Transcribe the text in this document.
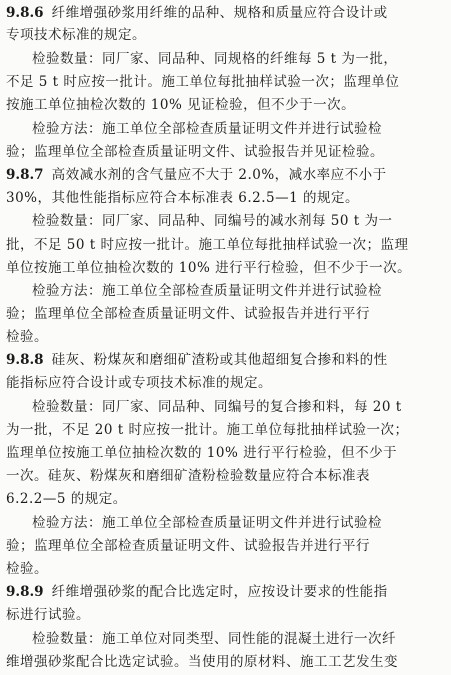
9.8.6 纤维增强砂浆用纤维的品种、规格和质量应符合设计或
专项技术标准的规定。
检验数量：同厂家、同品种、同规格的纤维每 5 t 为一批，
不足 5 t 时应按一批计。施工单位每批抽样试验一次；监理单位
按施工单位抽检次数的 10% 见证检验，但不少于一次。
检验方法：施工单位全部检查质量证明文件并进行试验检
验；监理单位全部检查质量证明文件、试验报告并见证检验。
9.8.7 高效减水剂的含气量应不大于 2.0%，减水率应不小于
30%，其他性能指标应符合本标准表 6.2.5—1 的规定。
检验数量：同厂家、同品种、同编号的减水剂每 50 t 为一
批，不足 50 t 时应按一批计。施工单位每批抽样试验一次；监理
单位按施工单位抽检次数的 10% 进行平行检验，但不少于一次。
检验方法：施工单位全部检查质量证明文件并进行试验检
验；监理单位全部检查质量证明文件、试验报告并进行平行
检验。
9.8.8 硅灰、粉煤灰和磨细矿渣粉或其他超细复合掺和料的性
能指标应符合设计或专项技术标准的规定。
检验数量：同厂家、同品种、同编号的复合掺和料，每 20 t
为一批，不足 20 t 时应按一批计。施工单位每批抽样试验一次；
监理单位按施工单位抽检次数的 10% 进行平行检验，但不少于
一次。硅灰、粉煤灰和磨细矿渣粉检验数量应符合本标准表
6.2.2—5 的规定。
检验方法：施工单位全部检查质量证明文件并进行试验检
验；监理单位全部检查质量证明文件、试验报告并进行平行
检验。
9.8.9 纤维增强砂浆的配合比选定时，应按设计要求的性能指
标进行试验。
检验数量：施工单位对同类型、同性能的混凝土进行一次纤
维增强砂浆配合比选定试验。当使用的原材料、施工工艺发生变
